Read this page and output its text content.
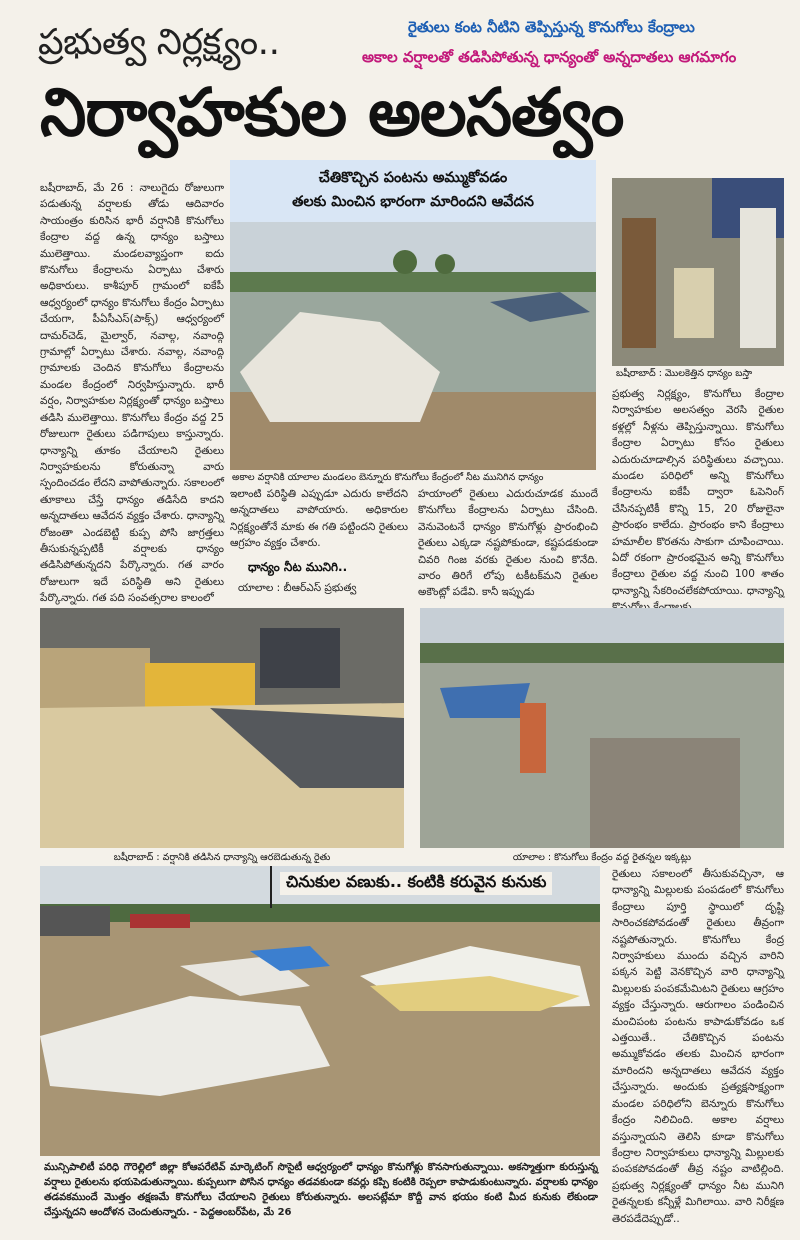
ప్రభుత్వ నిర్లక్ష్యం..	రైతులు కంట నీటిని తెప్పిస్తున్న కొనుగోలు కేంద్రాలు
అకాల వర్షాలతో తడిసిపోతున్న ధాన్యంతో అన్నదాతలు ఆగమాగం
నిర్వాహకుల అలసత్వం

బషీరాబాద్, మే 26 : నాలుగైదు రోజులుగా పడుతున్న వర్షాలకు తోడు ఆదివారం సాయంత్రం కురిసిన భారీ వర్షానికి కొనుగోలు కేంద్రాల వద్ద ఉన్న ధాన్యం బస్తాలు ములెత్తాయి. మండలవ్యాప్తంగా ఐదు కొనుగోలు కేంద్రాలను ఏర్పాటు చేశారు అధికారులు. కాశీపూర్ గ్రామంలో ఐకేపీ ఆధ్వర్యంలో ధాన్యం కొనుగోలు కేంద్రం ఏర్పాటు చేయగా, పీఏసీఎస్(పాక్స్) ఆధ్వర్యంలో దామర్‌చెడ్, మైల్వార్, నవాల్గ, నవాంద్గి గ్రామాల్లో ఏర్పాటు చేశారు. నవాల్గ, నవాంద్గి గ్రామాలకు చెందిన కొనుగోలు కేంద్రాలను మండల కేంద్రంలో నిర్వహిస్తున్నారు. భారీ వర్షం, నిర్వాహకుల నిర్లక్ష్యంతో ధాన్యం బస్తాలు తడిసి ములెత్తాయి. కొనుగోలు కేంద్రం వద్ద 25 రోజులుగా రైతులు పడిగాపులు కాస్తున్నారు. ధాన్యాన్ని తూకం చేయాలని రైతులు నిర్వాహకులను కోరుతున్నా వారు స్పందించడం లేదని వాపోతున్నారు. సకాలంలో తూకాలు చేస్తే ధాన్యం తడిసేది కాదని అన్నదాతలు ఆవేదన వ్యక్తం చేశారు. ధాన్యాన్ని రోజంతా ఎండబెట్టి కుప్ప పోసి జాగ్రత్తలు తీసుకున్నప్పటికీ వర్షాలకు ధాన్యం తడిసిపోతున్నదని పేర్కొన్నారు. గత వారం రోజులుగా ఇదే పరిస్థితి అని రైతులు పేర్కొన్నారు. గత పది సంవత్సరాల కాలంలో

చేతికొచ్చిన పంటను అమ్ముకోవడం
తలకు మించిన భారంగా మారిందని ఆవేదన
అకాల వర్షానికి యాలాల మండలం బెన్నూరు కొనుగోలు కేంద్రంలో నీట మునిగిన ధాన్యం
బషీరాబాద్ : మొలకెత్తిన ధాన్యం బస్తా

ఇలాంటి పరిస్థితి ఎప్పుడూ ఎదురు కాలేదని అన్నదాతలు వాపోయారు. అధికారుల నిర్లక్ష్యంతోనే మాకు ఈ గతి పట్టిందని రైతులు ఆగ్రహం వ్యక్తం చేశారు.

ధాన్యం నీట మునిగి..

యాలాల : బీఆర్‌ఎస్ ప్రభుత్వ

హయాంలో రైతులు ఎదురుచూడక ముందే కొనుగోలు కేంద్రాలను ఏర్పాటు చేసింది. వెనువెంటనే ధాన్యం కొనుగోళ్లు ప్రారంభించి రైతులు ఎక్కడా నష్టపోకుండా, కష్టపడకుండా చివరి గింజ వరకు రైతుల నుంచి కొనేది. వారం తిరిగే లోపు టకీటక్‌మని రైతుల అకౌంట్లో పడేవి. కానీ ఇప్పుడు

ప్రభుత్వ నిర్లక్ష్యం, కొనుగోలు కేంద్రాల నిర్వాహకుల అలసత్వం వెరసి రైతుల కళ్లల్లో నీళ్లను తెప్పిస్తున్నాయి. కొనుగోలు కేంద్రాల ఏర్పాటు కోసం రైతులు ఎదురుచూడాల్సిన పరిస్థితులు వచ్చాయి. మండల పరిధిలో అన్ని కొనుగోలు కేంద్రాలను ఐకేపీ ద్వారా ఓపెనింగ్ చేసినప్పటికీ కొన్ని 15, 20 రోజులైనా ప్రారంభం కాలేదు. ప్రారంభం కాని కేంద్రాలు హమాలీల కొరతను సాకుగా చూపించాయి. ఏదో రకంగా ప్రారంభమైన అన్ని కొనుగోలు కేంద్రాలు రైతుల వద్ద నుంచి 100 శాతం ధాన్యాన్ని సేకరించలేకపోయాయి. ధాన్యాన్ని

బషీరాబాద్ : వర్షానికి తడిసిన ధాన్యాన్ని ఆరబెడుతున్న రైతు	యాలాల : కొనుగోలు కేంద్రం వద్ద రైతన్నల ఇక్కట్లు
చినుకుల వణుకు.. కంటికి కరువైన కునుకు

మున్సిపాలిటీ పరిధి గౌరెల్లిలో జిల్లా కోఆపరేటివ్ మార్కెటింగ్ సొసైటీ ఆధ్వర్యంలో ధాన్యం కొనుగోళ్లు కొనసాగుతున్నాయి. అకస్మాత్తుగా కురుస్తున్న వర్షాలు రైతులను భయపెడుతున్నాయి. కుప్పలుగా పోసిన ధాన్యం తడవకుండా కవర్లు కప్పి కంటికి రెప్పలా కాపాడుకుంటున్నారు. వర్షాలకు ధాన్యం తడవకముందే మొత్తం తక్షణమే కొనుగోలు చేయాలని రైతులు కోరుతున్నారు. అలసట్లేమా కొద్దీ వాన భయం కంటి మీద కునుకు లేకుండా చేస్తున్నదని ఆందోళన చెందుతున్నారు. - పెద్దఅంబర్‌పేట, మే 26

రైతులు సకాలంలో తీసుకువచ్చినా, ఆ ధాన్యాన్ని మిల్లులకు పంపడంలో కొనుగోలు కేంద్రాలు పూర్తి స్థాయిలో దృష్టి సారించకపోవడంతో రైతులు తీవ్రంగా నష్టపోతున్నారు. కొనుగోలు కేంద్ర నిర్వాహకులు ముందు వచ్చిన వారిని పక్కన పెట్టి వెనకొచ్చిన వారి ధాన్యాన్ని మిల్లులకు పంపకమేమిటని రైతులు ఆగ్రహం వ్యక్తం చేస్తున్నారు. ఆరుగాలం పండించిన మంచిపంట పంటను కాపాడుకోవడం ఒక ఎత్తయితే.. చేతికొచ్చిన పంటను అమ్ముకోవడం తలకు మించిన భారంగా మారిందని అన్నదాతలు ఆవేదన వ్యక్తం చేస్తున్నారు. అందుకు ప్రత్యక్షసాక్ష్యంగా మండల పరిధిలోని బెన్నూరు కొనుగోలు కేంద్రం నిలిచింది. అకాల వర్షాలు వస్తున్నాయని తెలిసి కూడా కొనుగోలు కేంద్రాల నిర్వాహకులు ధాన్యాన్ని మిల్లులకు పంపకపోవడంతో తీవ్ర నష్టం వాటిల్లింది. ప్రభుత్వ నిర్లక్ష్యంతో ధాన్యం నీట మునిగి రైతన్నలకు కన్నీళ్లే మిగిలాయి. వారి నిరీక్షణ తెరపడేదెప్పుడో..
